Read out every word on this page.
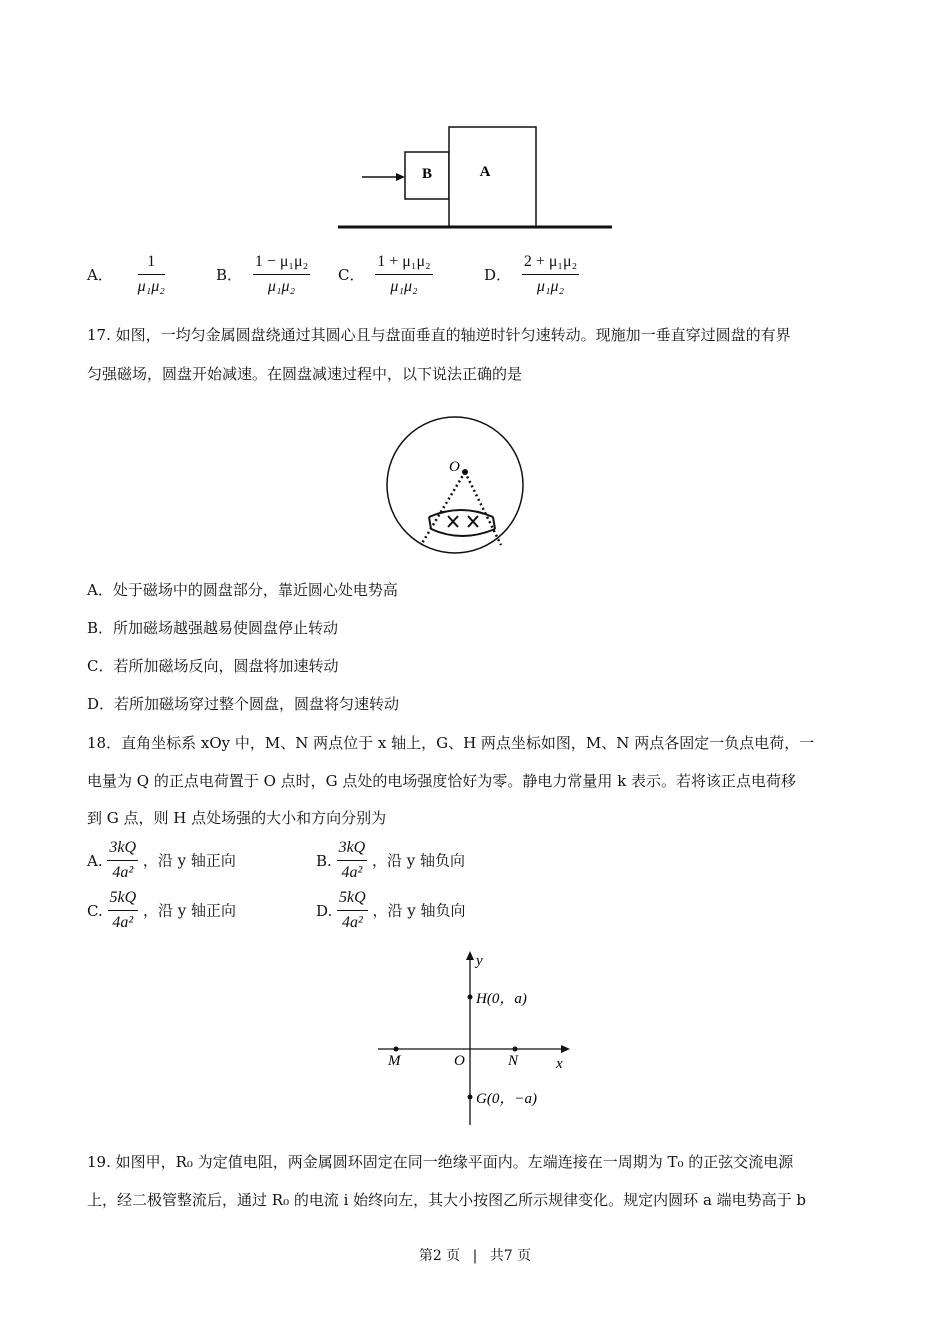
B	A
A． $\frac{1}{\text{μ₁μ₂}}$	B． $\frac{\text{1 − μ₁μ₂}}{\text{μ₁μ₂}}$ C． $\frac{\text{1 + μ₁μ₂}}{\text{μ₁μ₂}}$	D． $\frac{\text{2 + μ₁μ₂}}{\text{μ₁μ₂}}$
17. 如图，一均匀金属圆盘绕通过其圆心且与盘面垂直的轴逆时针匀速转动。现施加一垂直穿过圆盘的有界
匀强磁场，圆盘开始减速。在圆盘减速过程中，以下说法正确的是
O
A．处于磁场中的圆盘部分，靠近圆心处电势高
B．所加磁场越强越易使圆盘停止转动
C．若所加磁场反向，圆盘将加速转动
D．若所加磁场穿过整个圆盘，圆盘将匀速转动
18．直角坐标系 xOy 中，M、N 两点位于 x 轴上，G、H 两点坐标如图，M、N 两点各固定一负点电荷，一
电量为 Q 的正点电荷置于 O 点时，G 点处的电场强度恰好为零。静电力常量用 k 表示。若将该正点电荷移
到 G 点，则 H 点处场强的大小和方向分别为
A. $\frac{3kQ}{\text{4a²}}$ ，沿 y 轴正向	B. $\frac{3kQ}{\text{4a²}}$ ，沿 y 轴负向
C. $\frac{5kQ}{\text{4a²}}$ ，沿 y 轴正向	D. $\frac{5kQ}{\text{4a²}}$ ，沿 y 轴负向
y
x
H(0，a)
G(0，−a)
M	O	N
19. 如图甲，R₀ 为定值电阻，两金属圆环固定在同一绝缘平面内。左端连接在一周期为 T₀ 的正弦交流电源
上，经二极管整流后，通过 R₀ 的电流 i 始终向左，其大小按图乙所示规律变化。规定内圆环 a 端电势高于 b
第2 页 | 共7 页
